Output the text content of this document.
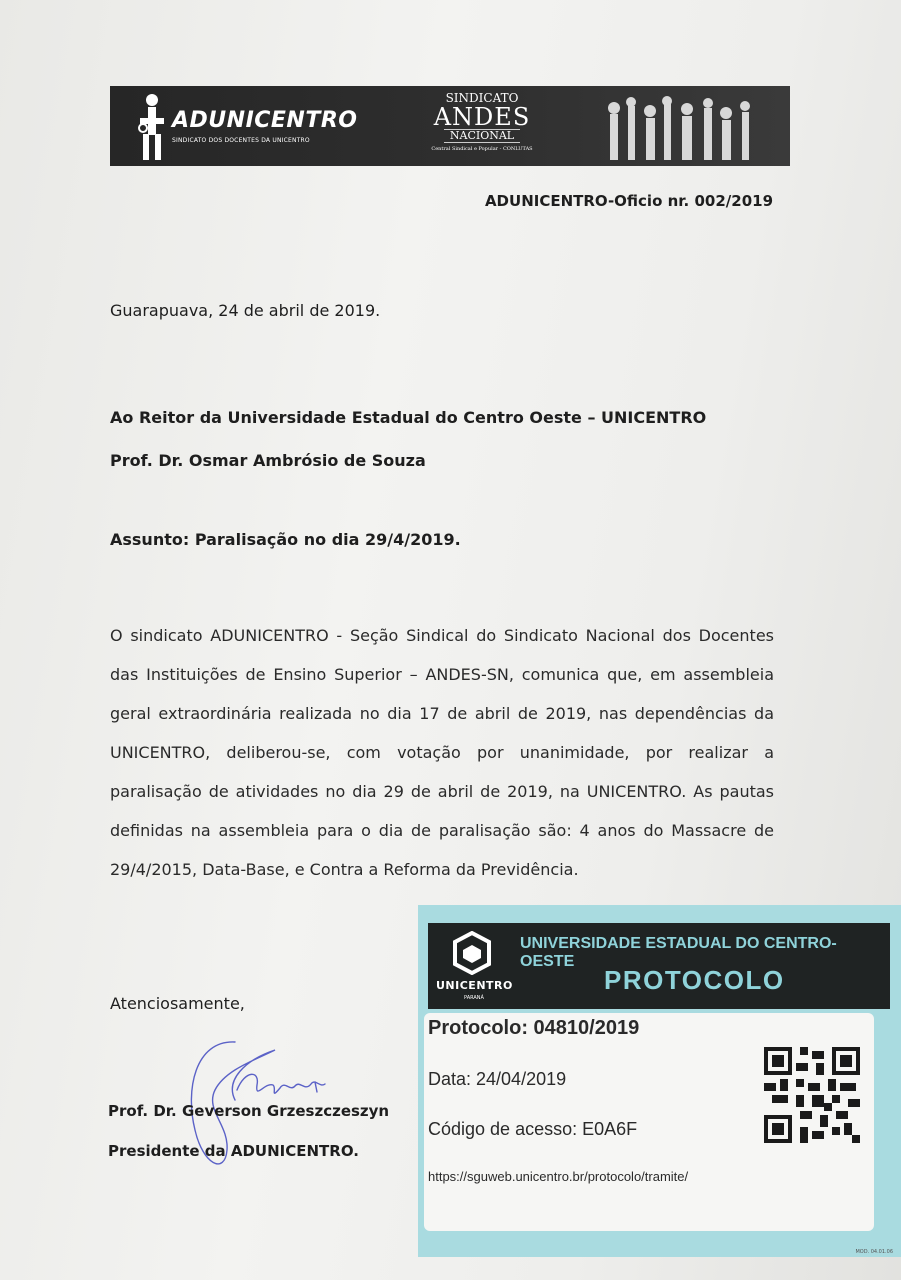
ADUNICENTRO
SINDICATO DOS DOCENTES DA UNICENTRO
SINDICATO
ANDES
NACIONAL
Central Sindical e Popular - CONLUTAS
ADUNICENTRO-Oficio nr. 002/2019
Guarapuava, 24 de abril de 2019.
Ao Reitor da Universidade Estadual do Centro Oeste – UNICENTRO
Prof. Dr. Osmar Ambrósio de Souza
Assunto: Paralisação no dia 29/4/2019.
O sindicato ADUNICENTRO - Seção Sindical do Sindicato Nacional dos Docentes das Instituições de Ensino Superior – ANDES-SN, comunica que, em assembleia geral extraordinária realizada no dia 17 de abril de 2019, nas dependências da UNICENTRO, deliberou-se, com votação por unanimidade, por realizar a paralisação de atividades no dia 29 de abril de 2019, na UNICENTRO. As pautas definidas na assembleia para o dia de paralisação são: 4 anos do Massacre de 29/4/2015, Data-Base, e Contra a Reforma da Previdência.
Atenciosamente,
Prof. Dr. Geverson Grzeszczeszyn
Presidente da ADUNICENTRO.
UNICENTRO
PARANÁ
UNIVERSIDADE ESTADUAL DO CENTRO-OESTE
PROTOCOLO
Protocolo: 04810/2019
Data: 24/04/2019
Código de acesso: E0A6F
https://sguweb.unicentro.br/protocolo/tramite/
MOD. 04.01.06
